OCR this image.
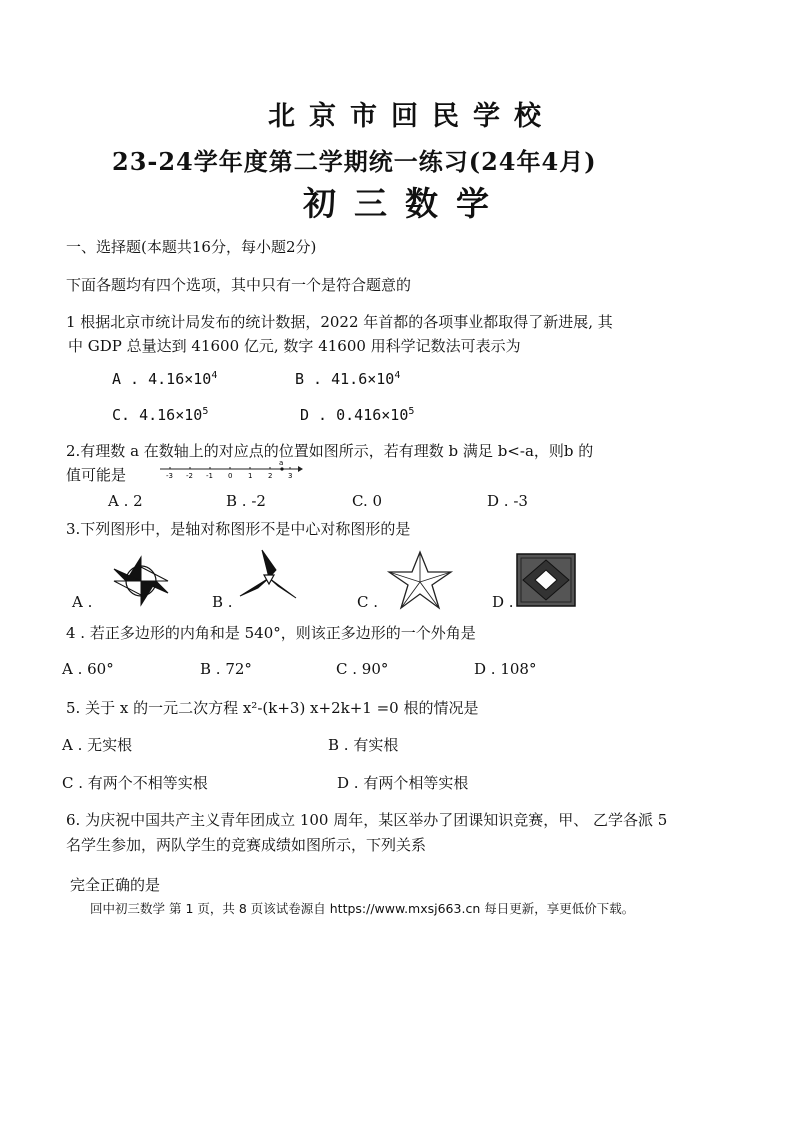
北京市回民学校
23-24学年度第二学期统一练习(24年4月)
初三数学
一、选择题(本题共16分，每小题2分)
下面各题均有四个选项，其中只有一个是符合题意的
1 根据北京市统计局发布的统计数据，2022 年首都的各项事业都取得了新进展, 其
中 GDP 总量达到 41600 亿元, 数字 41600 用科学记数法可表示为
A . $4.16\times 10^4$	B . $41.6\times 10^4$
C. $4.16\times 10^5$	D . $0.416\times 10^5$
2.有理数 a 在数轴上的对应点的位置如图所示，若有理数 b 满足 b<-a，则b 的
值可能是	-3 -2 -1 0 1 2 3
a
A . 2	B . -2	C. 0	D . -3
3.下列图形中，是轴对称图形不是中心对称图形的是
A .	B .	C .	D .
4 . 若正多边形的内角和是 540°，则该正多边形的一个外角是
A . 60°	B . 72°	C . 90°	D . 108°
5. 关于 x 的一元二次方程 x²-(k+3) x+2k+1 =0 根的情况是
A . 无实根	B . 有实根
C . 有两个不相等实根	D . 有两个相等实根
6. 为庆祝中国共产主义青年团成立 100 周年，某区举办了团课知识竞赛，甲、 乙学各派 5
名学生参加，两队学生的竞赛成绩如图所示，下列关系
完全正确的是
回中初三数学 第 1 页，共 8 页该试卷源自 https://www.mxsj663.cn 每日更新，享更低价下载。
